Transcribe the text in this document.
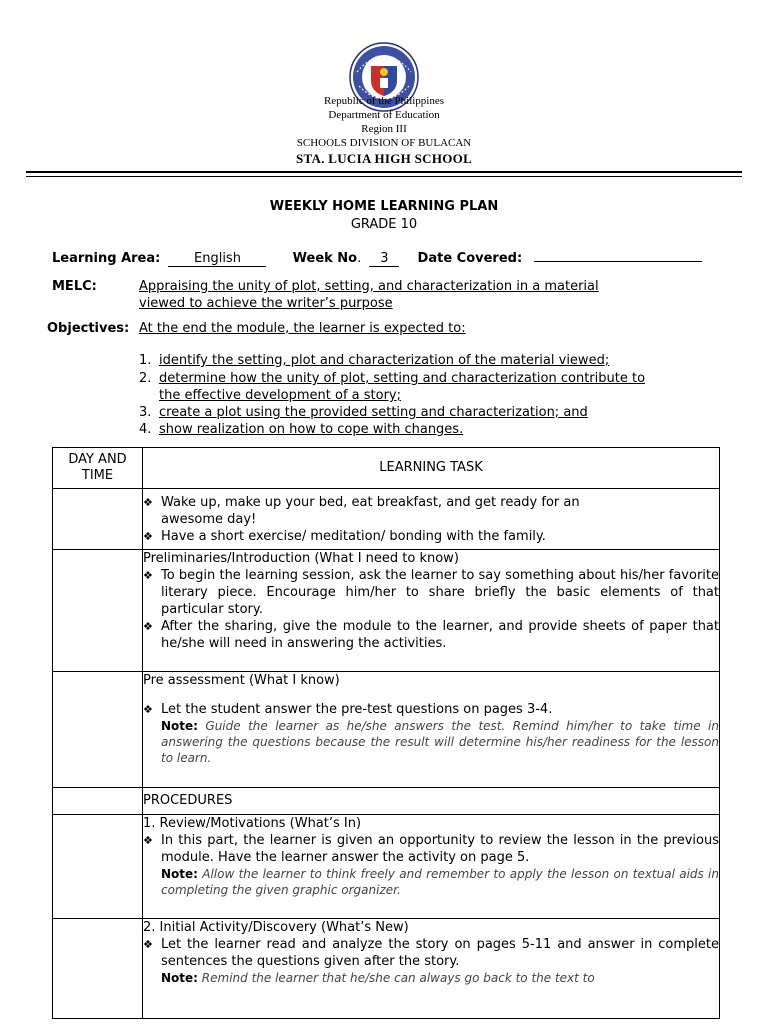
Republic of the Philippines
Department of Education
Region III
SCHOOLS DIVISION OF BULACAN
STA. LUCIA HIGH SCHOOL
WEEKLY HOME LEARNING PLAN
GRADE 10
Learning Area:	English	Week No. 3 Date Covered:
MELC:	Appraising the unity of plot, setting, and characterization in a material
viewed to achieve the writer’s purpose
Objectives: At the end the module, the learner is expected to:
1. identify the setting, plot and characterization of the material viewed;
2. determine how the unity of plot, setting and characterization contribute to
the effective development of a story;
3. create a plot using the provided setting and characterization; and
4. show realization on how to cope with changes.
DAY AND
TIME	LEARNING TASK

	❖ Wake up, make up your bed, eat breakfast, and get ready for an
awesome day!
❖ Have a short exercise/ meditation/ bonding with the family.

	Preliminaries/Introduction (What I need to know)
❖ To begin the learning session, ask the learner to say something about his/her favorite literary piece. Encourage him/her to share briefly the basic elements of that particular story.
❖ After the sharing, give the module to the learner, and provide sheets of paper that he/she will need in answering the activities.

	Pre assessment (What I know)
❖ Let the student answer the pre-test questions on pages 3-4.
Note: Guide the learner as he/she answers the test. Remind him/her to take time in answering the questions because the result will determine his/her readiness for the lesson to learn.

	PROCEDURES

	1. Review/Motivations (What’s In)
❖ In this part, the learner is given an opportunity to review the lesson in the previous module. Have the learner answer the activity on page 5.
Note: Allow the learner to think freely and remember to apply the lesson on textual aids in completing the given graphic organizer.

	2. Initial Activity/Discovery (What’s New)
❖ Let the learner read and analyze the story on pages 5-11 and answer in complete sentences the questions given after the story.
Note: Remind the learner that he/she can always go back to the text to
